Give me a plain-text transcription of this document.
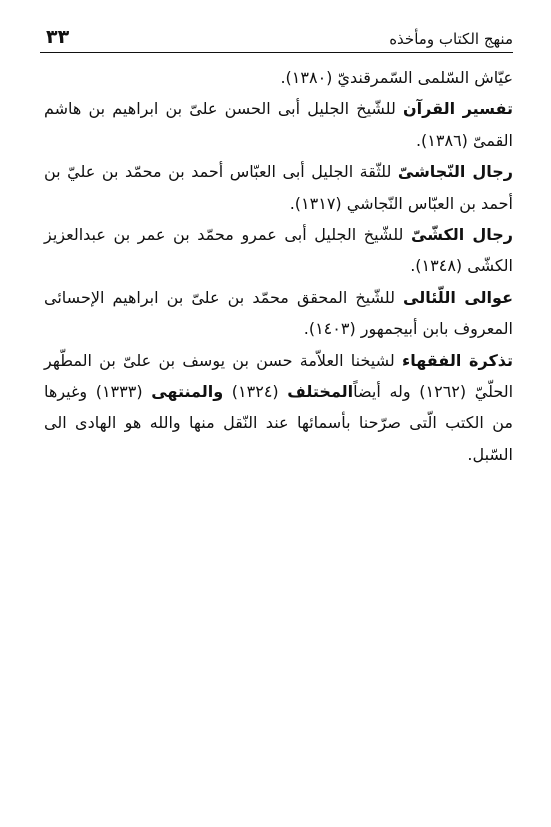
منهج الكتاب ومأخذه
٣٣

عيّاش السّلمى السّمرقنديّ (١٣٨٠).

تفسير القرآن للشّيخ الجليل أبى الحسن علىّ بن ابراهيم بن هاشم القمىّ (١٣٨٦).

رجال النّجاشىّ للثّقة الجليل أبى العبّاس أحمد بن محمّد بن عليّ بن أحمد بن العبّاس النّجاشي (١٣١٧).

رجال الكشّىّ للشّيخ الجليل أبى عمرو محمّد بن عمر بن عبدالعزيز الكشّى (١٣٤٨).

عوالى اللّئالى للشّيخ المحقق محمّد بن علىّ بن ابراهيم الإحسائى المعروف بابن أبيجمهور (١٤٠٣).

تذكرة الفقهاء لشيخنا العلاّمة حسن بن يوسف بن علىّ بن المطّهر الحلّيّ (١٢٦٢) وله أيضاًالمختلف (١٣٢٤) والمنتهى (١٣٣٣) وغيرها من الكتب الّتى صرّحنا بأسمائها عند النّقل منها والله هو الهادى الى السّبل.
